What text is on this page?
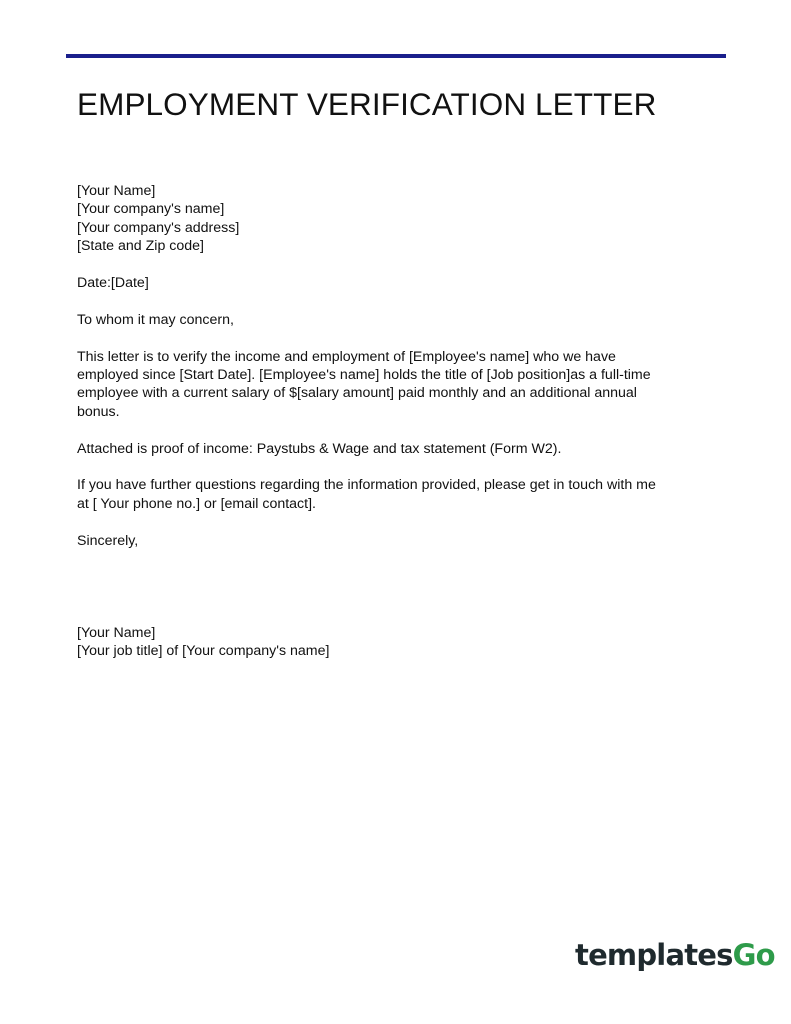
EMPLOYMENT VERIFICATION LETTER

[Your Name]
[Your company's name]
[Your company's address]
[State and Zip code]

Date:[Date]

To whom it may concern,

This letter is to verify the income and employment of [Employee's name] who we have
employed since [Start Date]. [Employee's name] holds the title of [Job position]as a full-time
employee with a current salary of $[salary amount] paid monthly and an additional annual
bonus.

Attached is proof of income: Paystubs & Wage and tax statement (Form W2).

If you have further questions regarding the information provided, please get in touch with me
at [ Your phone no.] or [email contact].

Sincerely,

[Your Name]
[Your job title] of [Your company's name]

templatesGo
